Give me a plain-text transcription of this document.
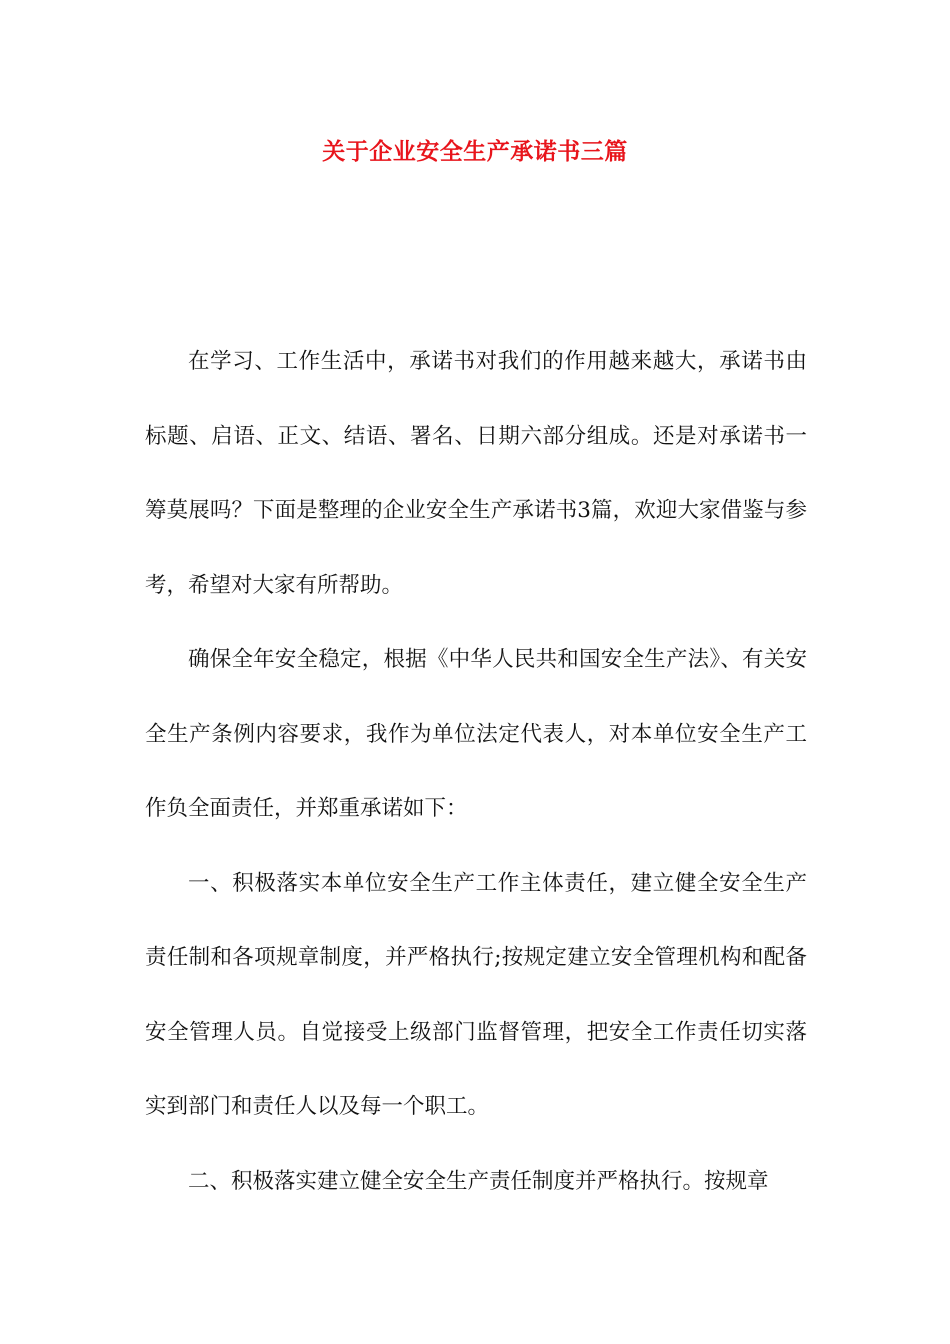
关于企业安全生产承诺书三篇

在学习、工作生活中，承诺书对我们的作用越来越大，承诺书由标题、启语、正文、结语、署名、日期六部分组成。还是对承诺书一筹莫展吗？下面是整理的企业安全生产承诺书3篇，欢迎大家借鉴与参考，希望对大家有所帮助。

确保全年安全稳定，根据《中华人民共和国安全生产法》、有关安全生产条例内容要求，我作为单位法定代表人，对本单位安全生产工作负全面责任，并郑重承诺如下：

一、积极落实本单位安全生产工作主体责任，建立健全安全生产责任制和各项规章制度，并严格执行;按规定建立安全管理机构和配备安全管理人员。自觉接受上级部门监督管理，把安全工作责任切实落实到部门和责任人以及每一个职工。

二、积极落实建立健全安全生产责任制度并严格执行。按规章
